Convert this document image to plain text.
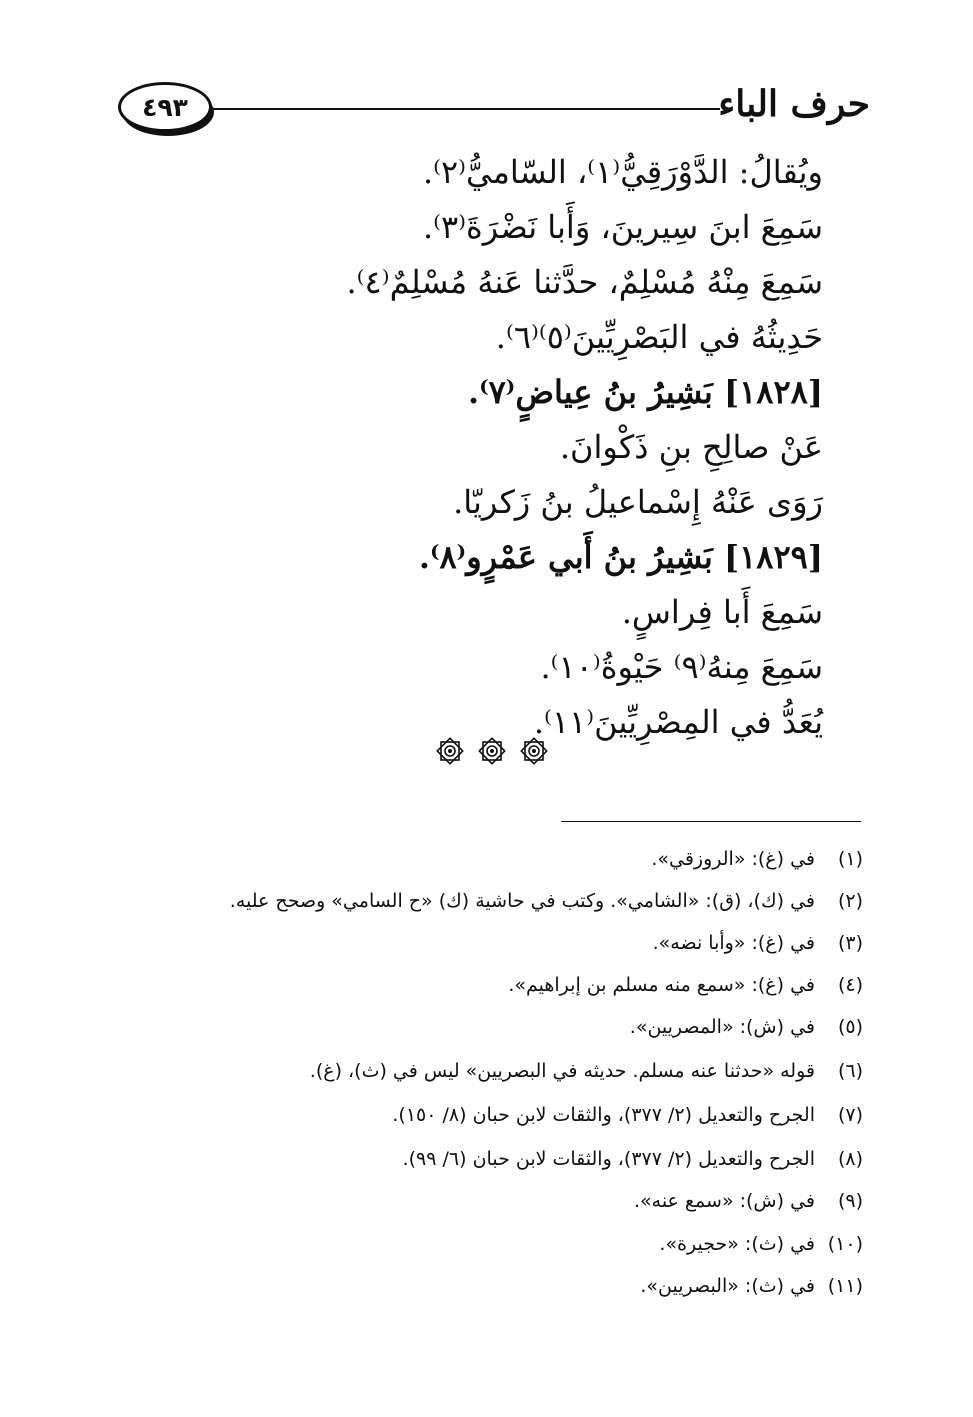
حرف الباء
٤٩٣
ويُقالُ: الدَّوْرَقِيُّ⁽١⁾، السّاميُّ⁽٢⁾.
سَمِعَ ابنَ سِيرينَ، وَأَبا نَضْرَةَ⁽٣⁾.
سَمِعَ مِنْهُ مُسْلِمٌ، حدَّثنا عَنهُ مُسْلِمٌ⁽٤⁾.
حَدِيثُهُ في البَصْرِيِّينَ⁽٥⁾⁽٦⁾.
[١٨٢٨] بَشِيرُ بنُ عِياضٍ⁽٧⁾.
عَنْ صالِحِ بنِ ذَكْوانَ.
رَوَى عَنْهُ إِسْماعيلُ بنُ زَكريّا.
[١٨٢٩] بَشِيرُ بنُ أَبي عَمْرٍو⁽٨⁾.
سَمِعَ أَبا فِراسٍ.
سَمِعَ مِنهُ⁽٩⁾ حَيْوةُ⁽١٠⁾.
يُعَدُّ في المِصْرِيِّينَ⁽١١⁾.
(١)
في (غ): «الروزقي».
(٢)
في (ك)، (ق): «الشامي». وكتب في حاشية (ك) «ح السامي» وصحح عليه.
(٣)
في (غ): «وأبا نضه».
(٤)
في (غ): «سمع منه مسلم بن إبراهيم».
(٥)
في (ش): «المصريين».
(٦)
قوله «حدثنا عنه مسلم. حديثه في البصريين» ليس في (ث)، (غ).
(٧)
الجرح والتعديل (٢/ ٣٧٧)، والثقات لابن حبان (٨/ ١٥٠).
(٨)
الجرح والتعديل (٢/ ٣٧٧)، والثقات لابن حبان (٦/ ٩٩).
(٩)
في (ش): «سمع عنه».
(١٠)
في (ث): «حجيرة».
(١١)
في (ث): «البصريين».
